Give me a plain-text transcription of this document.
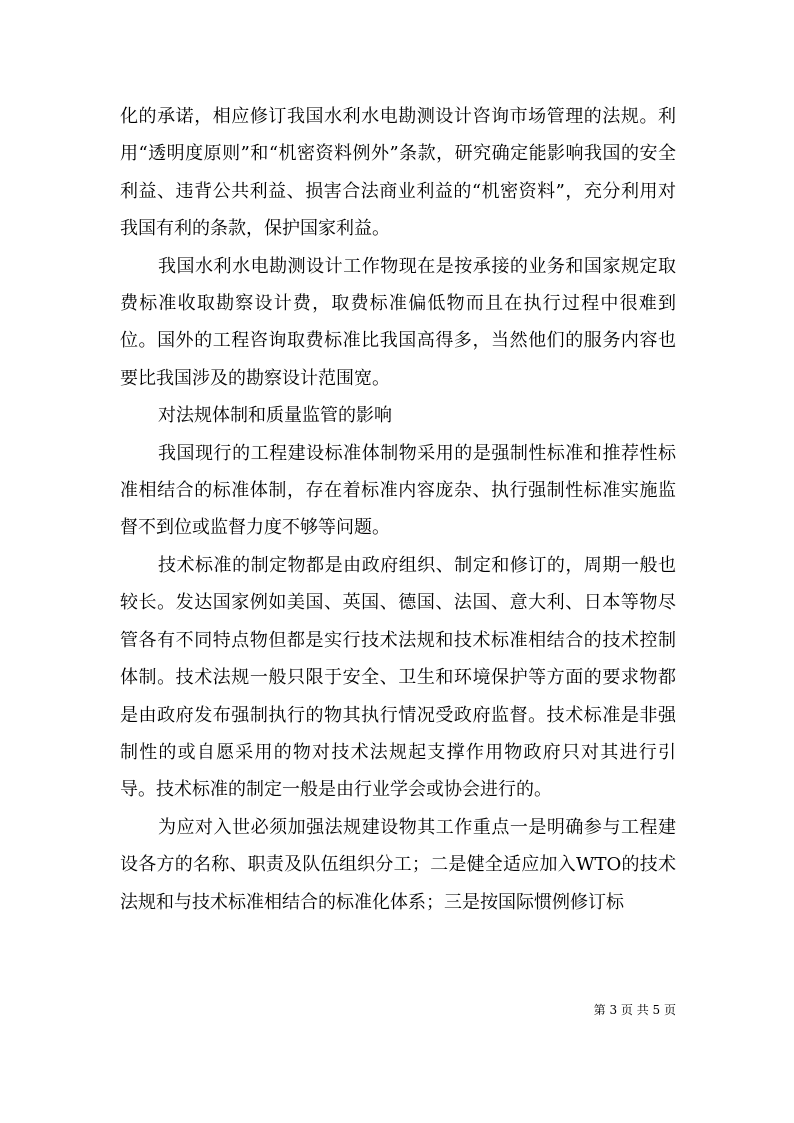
化的承诺，相应修订我国水利水电勘测设计咨询市场管理的法规。利用“透明度原则”和“机密资料例外”条款，研究确定能影响我国的安全利益、违背公共利益、损害合法商业利益的“机密资料”，充分利用对我国有利的条款，保护国家利益。

我国水利水电勘测设计工作物现在是按承接的业务和国家规定取费标准收取勘察设计费，取费标准偏低物而且在执行过程中很难到位。国外的工程咨询取费标准比我国高得多，当然他们的服务内容也要比我国涉及的勘察设计范围宽。

对法规体制和质量监管的影响

我国现行的工程建设标准体制物采用的是强制性标准和推荐性标准相结合的标准体制，存在着标准内容庞杂、执行强制性标准实施监督不到位或监督力度不够等问题。

技术标准的制定物都是由政府组织、制定和修订的，周期一般也较长。发达国家例如美国、英国、德国、法国、意大利、日本等物尽管各有不同特点物但都是实行技术法规和技术标准相结合的技术控制体制。技术法规一般只限于安全、卫生和环境保护等方面的要求物都是由政府发布强制执行的物其执行情况受政府监督。技术标准是非强制性的或自愿采用的物对技术法规起支撑作用物政府只对其进行引导。技术标准的制定一般是由行业学会或协会进行的。

为应对入世必须加强法规建设物其工作重点一是明确参与工程建设各方的名称、职责及队伍组织分工；二是健全适应加入WTO的技术法规和与技术标准相结合的标准化体系；三是按国际惯例修订标

第 3 页 共 5 页
